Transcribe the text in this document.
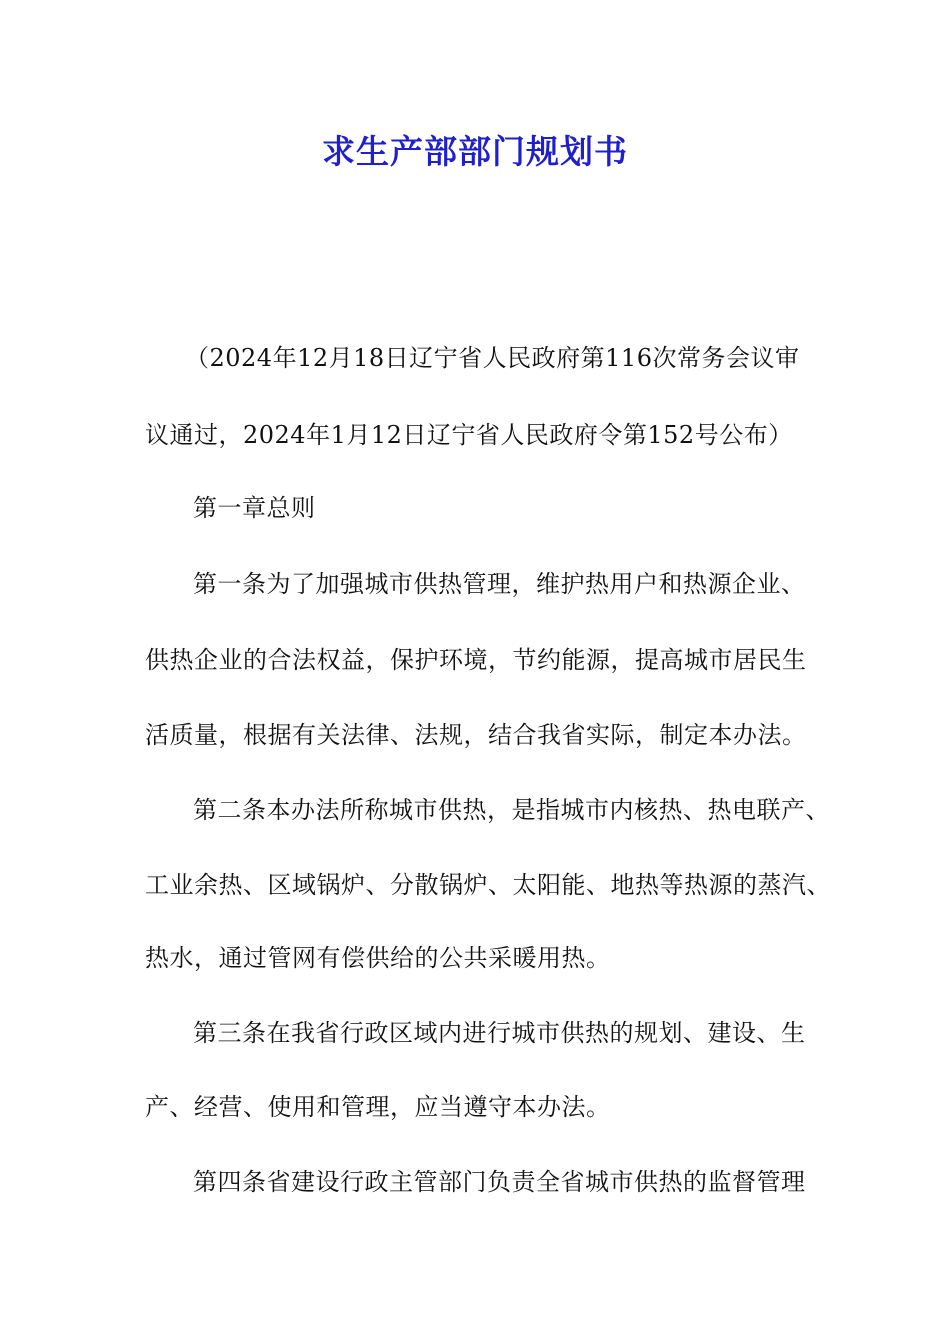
求生产部部门规划书
（2024年12月18日辽宁省人民政府第116次常务会议审
议通过，2024年1月12日辽宁省人民政府令第152号公布）
第一章总则
第一条为了加强城市供热管理，维护热用户和热源企业、
供热企业的合法权益，保护环境，节约能源，提高城市居民生
活质量，根据有关法律、法规，结合我省实际，制定本办法。
第二条本办法所称城市供热，是指城市内核热、热电联产、
工业余热、区域锅炉、分散锅炉、太阳能、地热等热源的蒸汽、
热水，通过管网有偿供给的公共采暖用热。
第三条在我省行政区域内进行城市供热的规划、建设、生
产、经营、使用和管理，应当遵守本办法。
第四条省建设行政主管部门负责全省城市供热的监督管理
